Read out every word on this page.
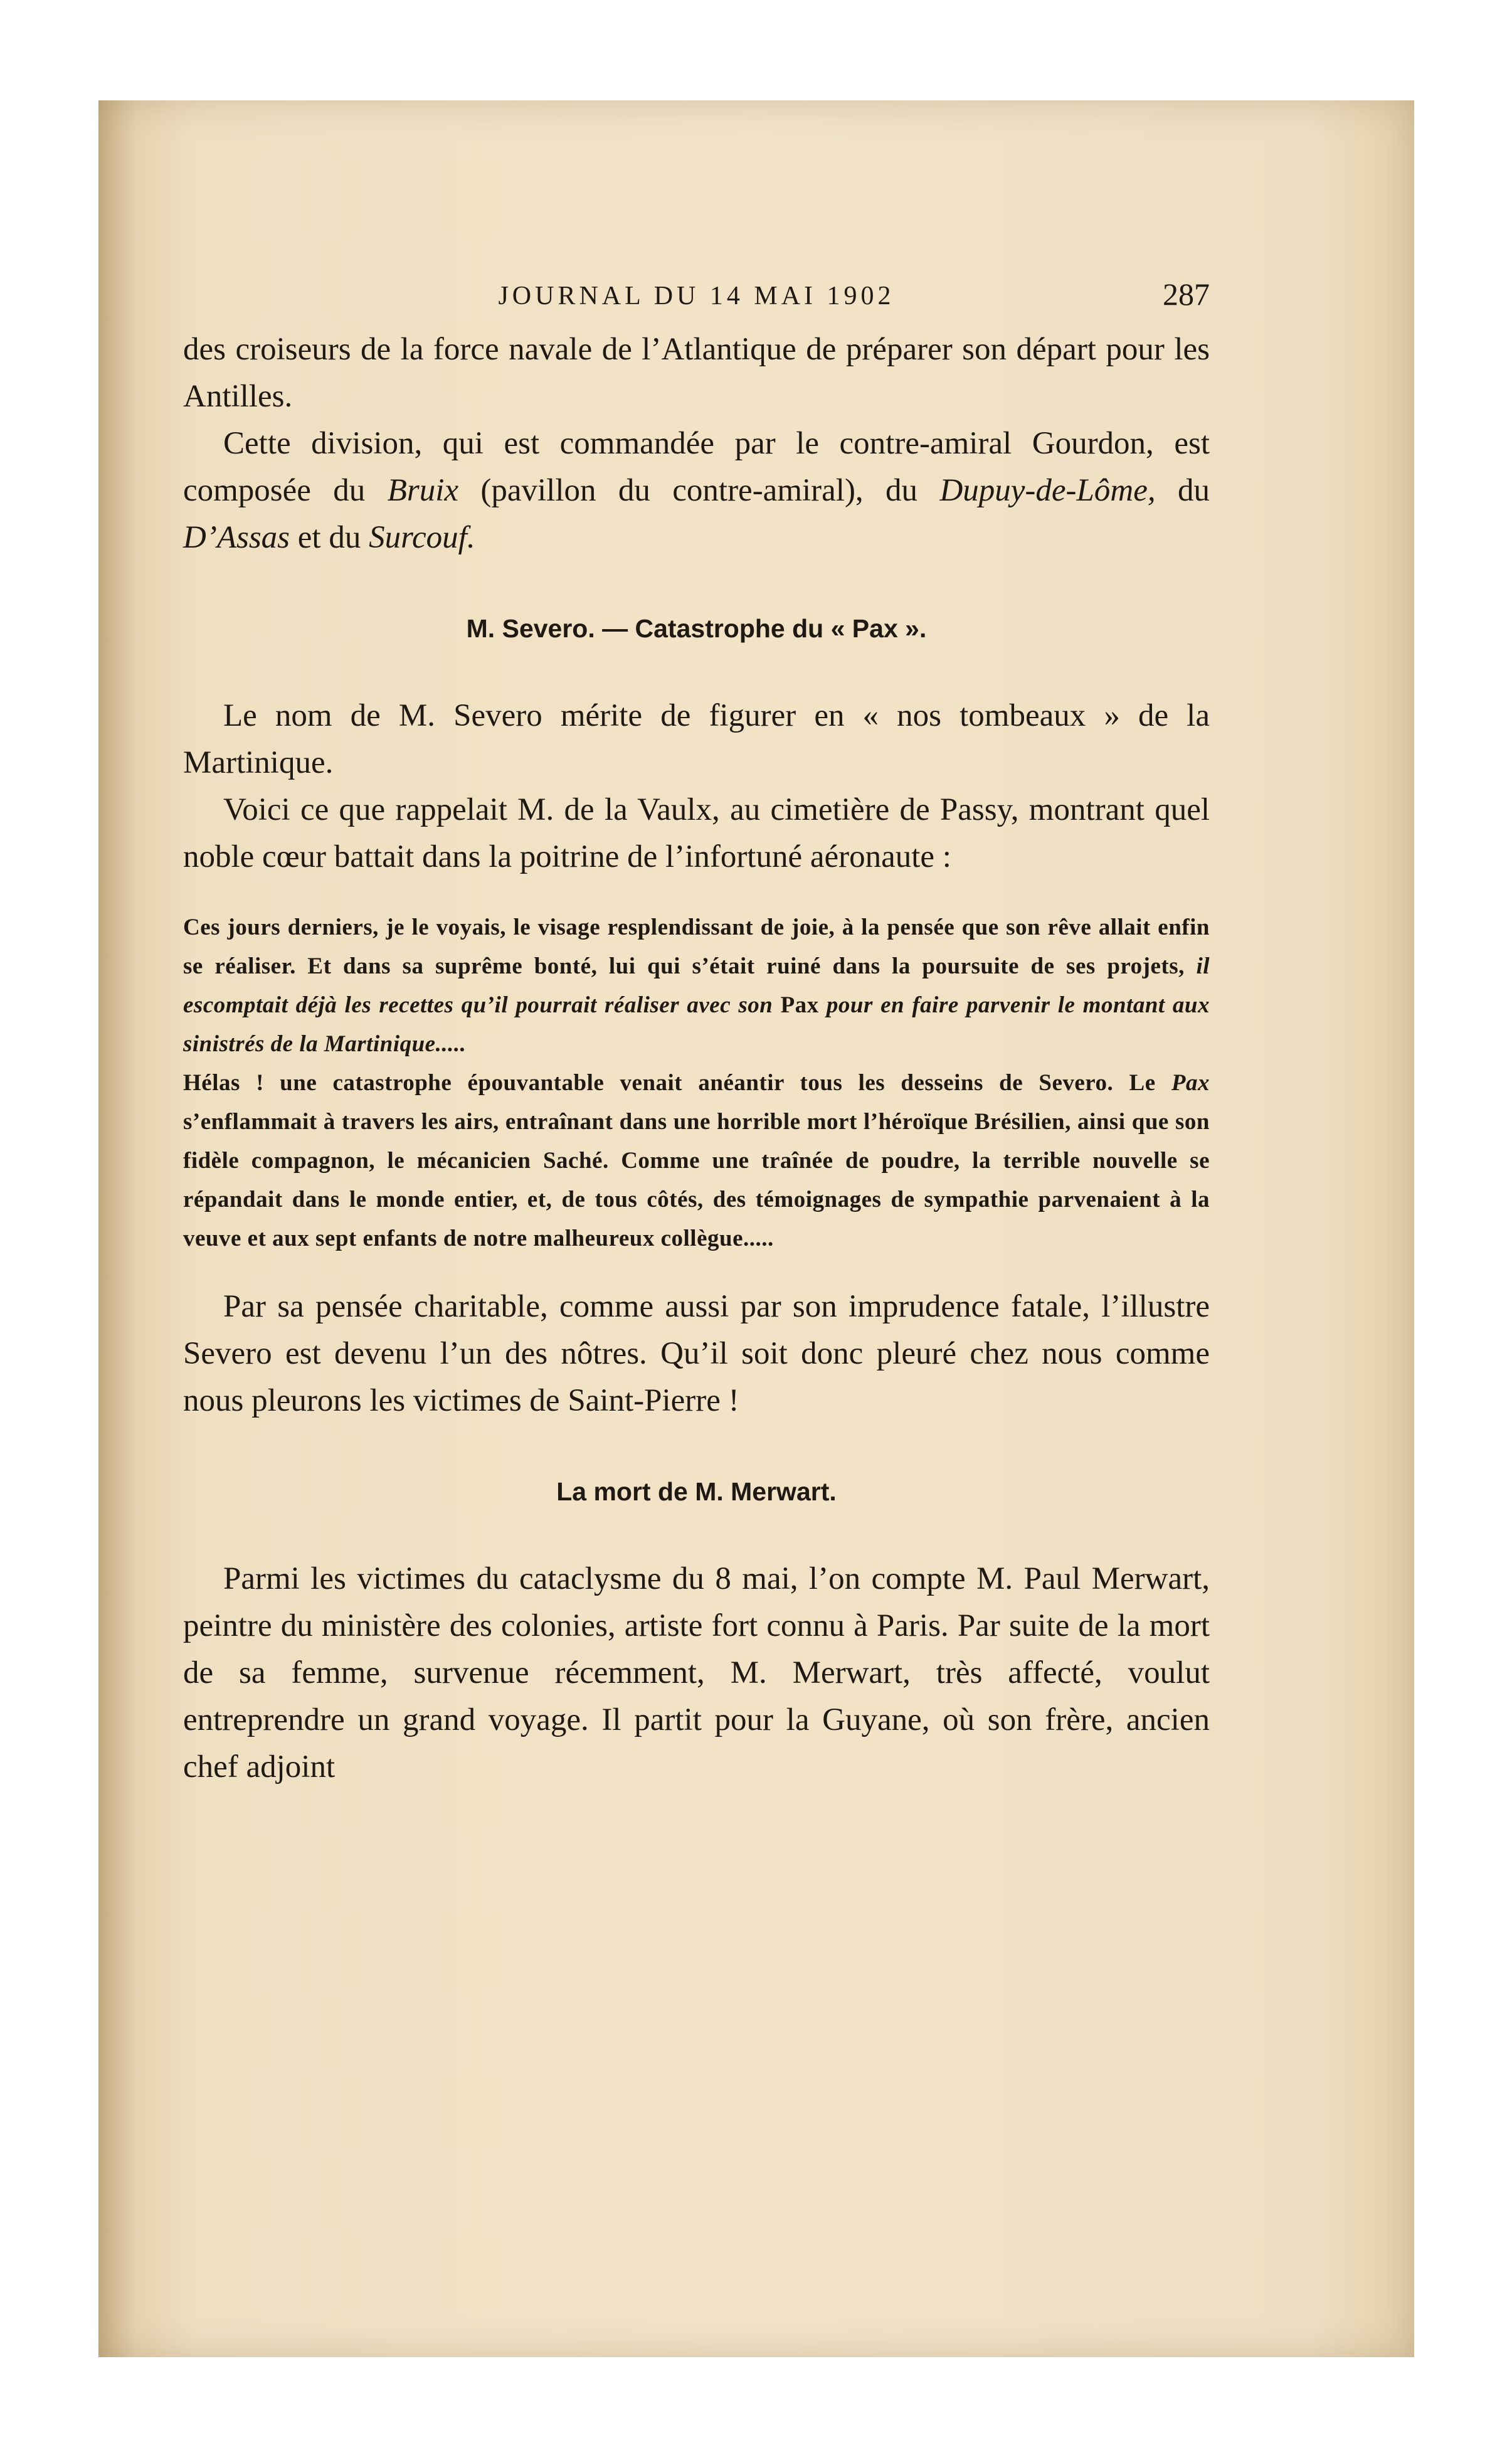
JOURNAL DU 14 MAI 1902	287

des croiseurs de la force navale de l’Atlantique de préparer son départ pour les Antilles.

Cette division, qui est commandée par le contre-amiral Gourdon, est composée du Bruix (pavillon du contre-amiral), du Dupuy-de-Lôme, du D’Assas et du Surcouf.

M. Severo. — Catastrophe du « Pax ».

Le nom de M. Severo mérite de figurer en « nos tombeaux » de la Martinique.

Voici ce que rappelait M. de la Vaulx, au cimetière de Passy, montrant quel noble cœur battait dans la poitrine de l’infortuné aéronaute :

Ces jours derniers, je le voyais, le visage resplendissant de joie, à la pensée que son rêve allait enfin se réaliser. Et dans sa suprême bonté, lui qui s’était ruiné dans la poursuite de ses projets, il escomptait déjà les recettes qu’il pourrait réaliser avec son Pax pour en faire parvenir le montant aux sinistrés de la Martinique.....

Hélas ! une catastrophe épouvantable venait anéantir tous les desseins de Severo. Le Pax s’enflammait à travers les airs, entraînant dans une horrible mort l’héroïque Brésilien, ainsi que son fidèle compagnon, le mécanicien Saché. Comme une traînée de poudre, la terrible nouvelle se répandait dans le monde entier, et, de tous côtés, des témoignages de sympathie parvenaient à la veuve et aux sept enfants de notre malheureux collègue.....

Par sa pensée charitable, comme aussi par son imprudence fatale, l’illustre Severo est devenu l’un des nôtres. Qu’il soit donc pleuré chez nous comme nous pleurons les victimes de Saint-Pierre !

La mort de M. Merwart.

Parmi les victimes du cataclysme du 8 mai, l’on compte M. Paul Merwart, peintre du ministère des colonies, artiste fort connu à Paris. Par suite de la mort de sa femme, survenue récemment, M. Merwart, très affecté, voulut entreprendre un grand voyage. Il partit pour la Guyane, où son frère, ancien chef adjoint
